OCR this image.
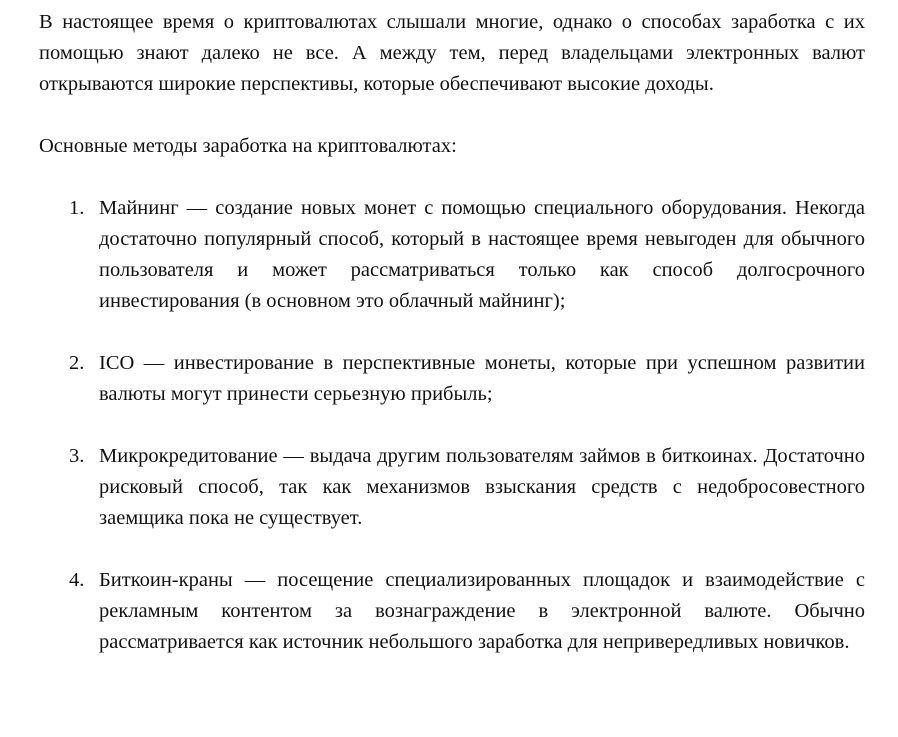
В настоящее время о криптовалютах слышали многие, однако о способах заработка с их помощью знают далеко не все. А между тем, перед владельцами электронных валют открываются широкие перспективы, которые обеспечивают высокие доходы.

Основные методы заработка на криптовалютах:

1. Майнинг — создание новых монет с помощью специального оборудования. Некогда достаточно популярный способ, который в настоящее время невыгоден для обычного пользователя и может рассматриваться только как способ долгосрочного инвестирования (в основном это облачный майнинг);
2. ICO — инвестирование в перспективные монеты, которые при успешном развитии валюты могут принести серьезную прибыль;
3. Микрокредитование — выдача другим пользователям займов в биткоинах. Достаточно рисковый способ, так как механизмов взыскания средств с недобросовестного заемщика пока не существует.
4. Биткоин-краны — посещение специализированных площадок и взаимодействие с рекламным контентом за вознаграждение в электронной валюте. Обычно рассматривается как источник небольшого заработка для непривередливых новичков.
